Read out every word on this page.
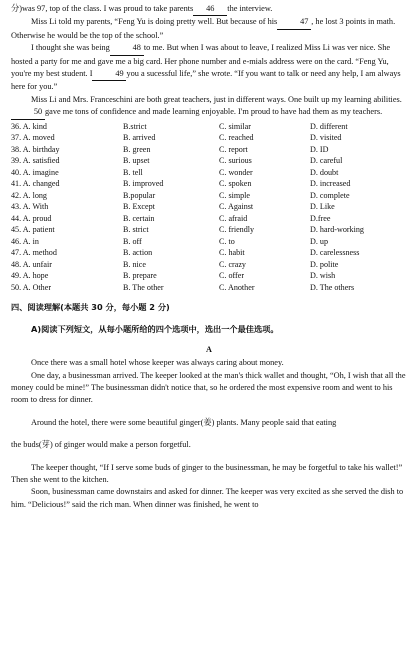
分)was 97, top of the class. I was proud to take parents 46 the interview.

Miss Li told my parents, “Feng Yu is doing pretty well. But because of his	47 , he lost 3 points in math. Otherwise he would be the top of the school.”

I thought she was being	48 to me. But when I was about to leave, I realized Miss Li was ver nice. She hosted a party for me and gave me a big card. Her phone number and e-mials address were on the card. “Feng Yu, you're my best student. I	49 you a sucessful life,” she wrote. “If you want to talk or need any help, I am always here for you.”

Miss Li and Mrs. Franceschini are both great teachers, just in different ways. One built up my learning abilities.50 gave me tons of confidence and made learning enjoyable. I'm proud to have had them as my teachers.

36. A. kind	B.strict	C. similar	D. different
37. A. moved	B. arrived	C. reached	D. visited
38. A. birthday	B. green	C. report	D. ID
39. A. satisfied	B. upset	C. surious	D. careful
40. A. imagine	B. tell	C. wonder	D. doubt
41. A. changed	B. improved	C. spoken	D. increased
42. A. long	B.popular	C. simple	D. complete
43. A. With	B. Except	C. Against	D. Like
44. A. proud	B. certain	C. afraid	D.free
45. A. patient	B. strict	C. friendly	D. hard-working
46. A. in	B. off	C. to	D. up
47. A. method	B. action	C. habit	D. carelessness
48. A. unfair	B. nice	C. crazy	D. polite
49. A. hope	B. prepare	C. offer	D. wish
50. A. Other	B. The other	C. Another	D. The others

四、阅读理解(本题共 30 分，每小题 2 分)

A)阅读下列短文，从每小题所给的四个选项中，选出一个最佳选项。

A

Once there was a small hotel whose keeper was always caring about money.

One day, a businessman arrived. The keeper looked at the man's thick wallet and thought, “Oh, I wish that all the money could be mine!” The businessman didn't notice that, so he ordered the most expensive room and went to his room to dress for dinner.

Around the hotel, there were some beautiful ginger(姜) plants. Many people said that eating

the buds(芽) of ginger would make a person forgetful.

The keeper thought, “If I serve some buds of ginger to the businessman, he may be forgetful to take his wallet!” Then she went to the kitchen.

Soon, businessman came downstairs and asked for dinner. The keeper was very excited as she served the dish to him. “Delicious!” said the rich man. When dinner was finished, he went to
